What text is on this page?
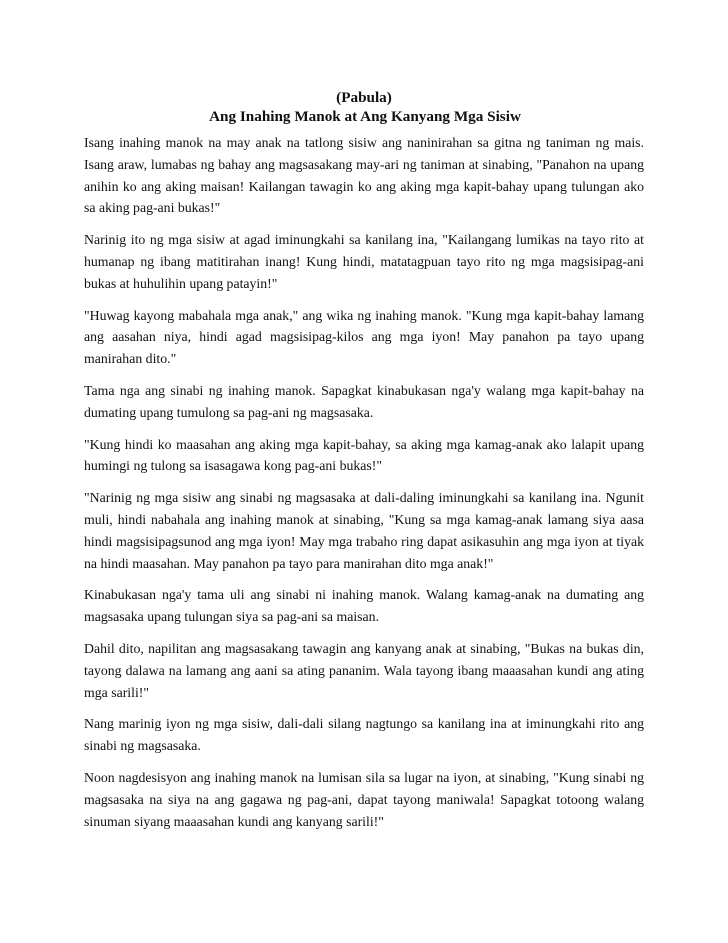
(Pabula)
Ang Inahing Manok at Ang Kanyang Mga Sisiw

Isang inahing manok na may anak na tatlong sisiw ang naninirahan sa gitna ng taniman ng mais. Isang araw, lumabas ng bahay ang magsasakang may-ari ng taniman at sinabing, "Panahon na upang anihin ko ang aking maisan! Kailangan tawagin ko ang aking mga kapit-bahay upang tulungan ako sa aking pag-ani bukas!"

Narinig ito ng mga sisiw at agad iminungkahi sa kanilang ina, "Kailangang lumikas na tayo rito at humanap ng ibang matitirahan inang! Kung hindi, matatagpuan tayo rito ng mga magsisipag-ani bukas at huhulihin upang patayin!"

"Huwag kayong mabahala mga anak," ang wika ng inahing manok. "Kung mga kapit-bahay lamang ang aasahan niya, hindi agad magsisipag-kilos ang mga iyon! May panahon pa tayo upang manirahan dito."

Tama nga ang sinabi ng inahing manok. Sapagkat kinabukasan nga'y walang mga kapit-bahay na dumating upang tumulong sa pag-ani ng magsasaka.

"Kung hindi ko maasahan ang aking mga kapit-bahay, sa aking mga kamag-anak ako lalapit upang humingi ng tulong sa isasagawa kong pag-ani bukas!"

"Narinig ng mga sisiw ang sinabi ng magsasaka at dali-daling iminungkahi sa kanilang ina. Ngunit muli, hindi nabahala ang inahing manok at sinabing, "Kung sa mga kamag-anak lamang siya aasa hindi magsisipagsunod ang mga iyon! May mga trabaho ring dapat asikasuhin ang mga iyon at tiyak na hindi maasahan. May panahon pa tayo para manirahan dito mga anak!"

Kinabukasan nga'y tama uli ang sinabi ni inahing manok. Walang kamag-anak na dumating ang magsasaka upang tulungan siya sa pag-ani sa maisan.

Dahil dito, napilitan ang magsasakang tawagin ang kanyang anak at sinabing, "Bukas na bukas din, tayong dalawa na lamang ang aani sa ating pananim. Wala tayong ibang maaasahan kundi ang ating mga sarili!"

Nang marinig iyon ng mga sisiw, dali-dali silang nagtungo sa kanilang ina at iminungkahi rito ang sinabi ng magsasaka.

Noon nagdesisyon ang inahing manok na lumisan sila sa lugar na iyon, at sinabing, "Kung sinabi ng magsasaka na siya na ang gagawa ng pag-ani, dapat tayong maniwala! Sapagkat totoong walang sinuman siyang maaasahan kundi ang kanyang sarili!"
